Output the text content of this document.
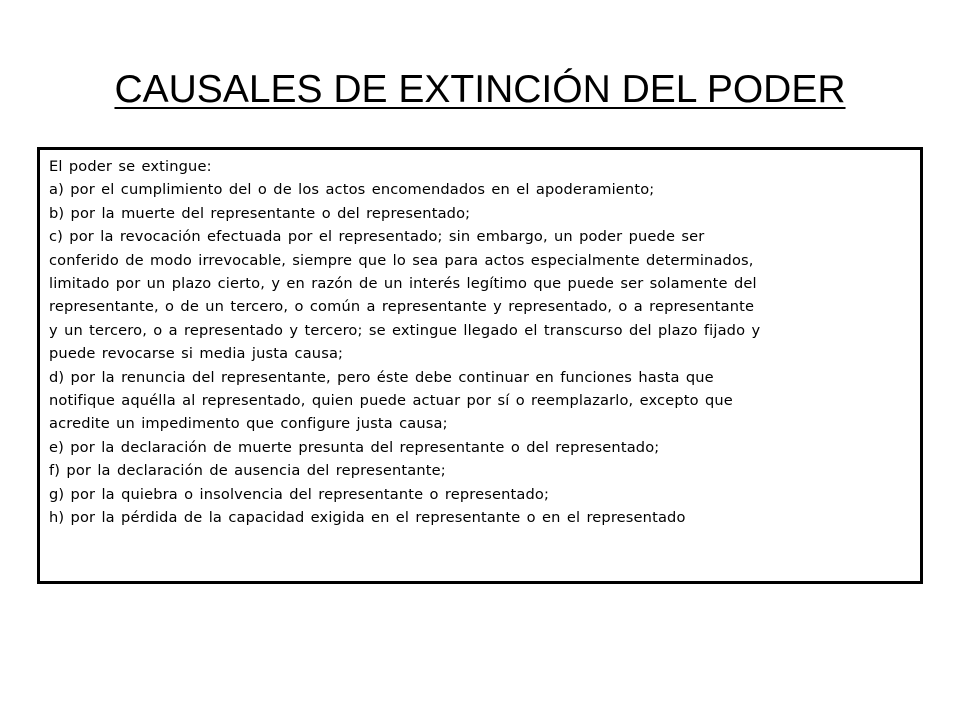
CAUSALES DE EXTINCIÓN DEL PODER
El poder se extingue:
a) por el cumplimiento del o de los actos encomendados en el apoderamiento;
b) por la muerte del representante o del representado;
c) por la revocación efectuada por el representado; sin embargo, un poder puede ser
conferido de modo irrevocable, siempre que lo sea para actos especialmente determinados,
limitado por un plazo cierto, y en razón de un interés legítimo que puede ser solamente del
representante, o de un tercero, o común a representante y representado, o a representante
y un tercero, o a representado y tercero; se extingue llegado el transcurso del plazo fijado y
puede revocarse si media justa causa;
d) por la renuncia del representante, pero éste debe continuar en funciones hasta que
notifique aquélla al representado, quien puede actuar por sí o reemplazarlo, excepto que
acredite un impedimento que configure justa causa;
e) por la declaración de muerte presunta del representante o del representado;
f) por la declaración de ausencia del representante;
g) por la quiebra o insolvencia del representante o representado;
h) por la pérdida de la capacidad exigida en el representante o en el representado
